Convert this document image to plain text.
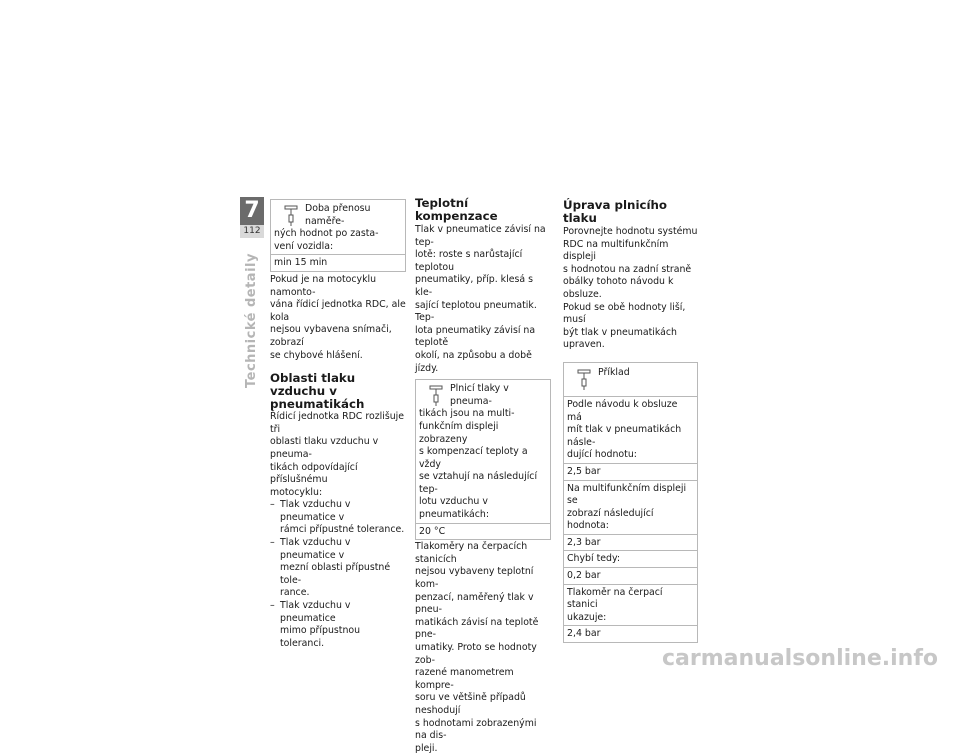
7
112
Technické detaily
Doba přenosu naměře-
ných hodnot po zasta-
vení vozidla:
min 15 min

Pokud je na motocyklu namonto-
vána řídicí jednotka RDC, ale kola
nejsou vybavena snímači, zobrazí
se chybové hlášení.

Oblasti tlaku vzduchu v
pneumatikách

Řídicí jednotka RDC rozlišuje tři
oblasti tlaku vzduchu v pneuma-
tikách odpovídající příslušnému
motocyklu:

– Tlak vzduchu v pneumatice v
rámci přípustné tolerance.
– Tlak vzduchu v pneumatice v
mezní oblasti přípustné tole-
rance.
– Tlak vzduchu v pneumatice
mimo přípustnou toleranci.

Teplotní kompenzace

Tlak v pneumatice závisí na tep-
lotě: roste s narůstající teplotou
pneumatiky, příp. klesá s kle-
sající teplotou pneumatik. Tep-
lota pneumatiky závisí na teplotě
okolí, na způsobu a době jízdy.

Plnicí tlaky v pneuma-
tikách jsou na multi-
funkčním displeji zobrazeny
s kompenzací teploty a vždy
se vztahují na následující tep-
lotu vzduchu v pneumatikách:
20 °C

Tlakoměry na čerpacích stanicích
nejsou vybaveny teplotní kom-
penzací, naměřený tlak v pneu-
matikách závisí na teplotě pne-
umatiky. Proto se hodnoty zob-
razené manometrem kompre-
soru ve většině případů neshodují
s hodnotami zobrazenými na dis-
pleji.

Úprava plnicího tlaku

Porovnejte hodnotu systému
RDC na multifunkčním displeji
s hodnotou na zadní straně
obálky tohoto návodu k obsluze.
Pokud se obě hodnoty liší, musí
být tlak v pneumatikách upraven.

Příklad
Podle návodu k obsluze má
mít tlak v pneumatikách násle-
dující hodnotu:
2,5 bar
Na multifunkčním displeji se
zobrazí následující hodnota:
2,3 bar
Chybí tedy:
0,2 bar
Tlakoměr na čerpací stanici
ukazuje:
2,4 bar
carmanualsonline.info
